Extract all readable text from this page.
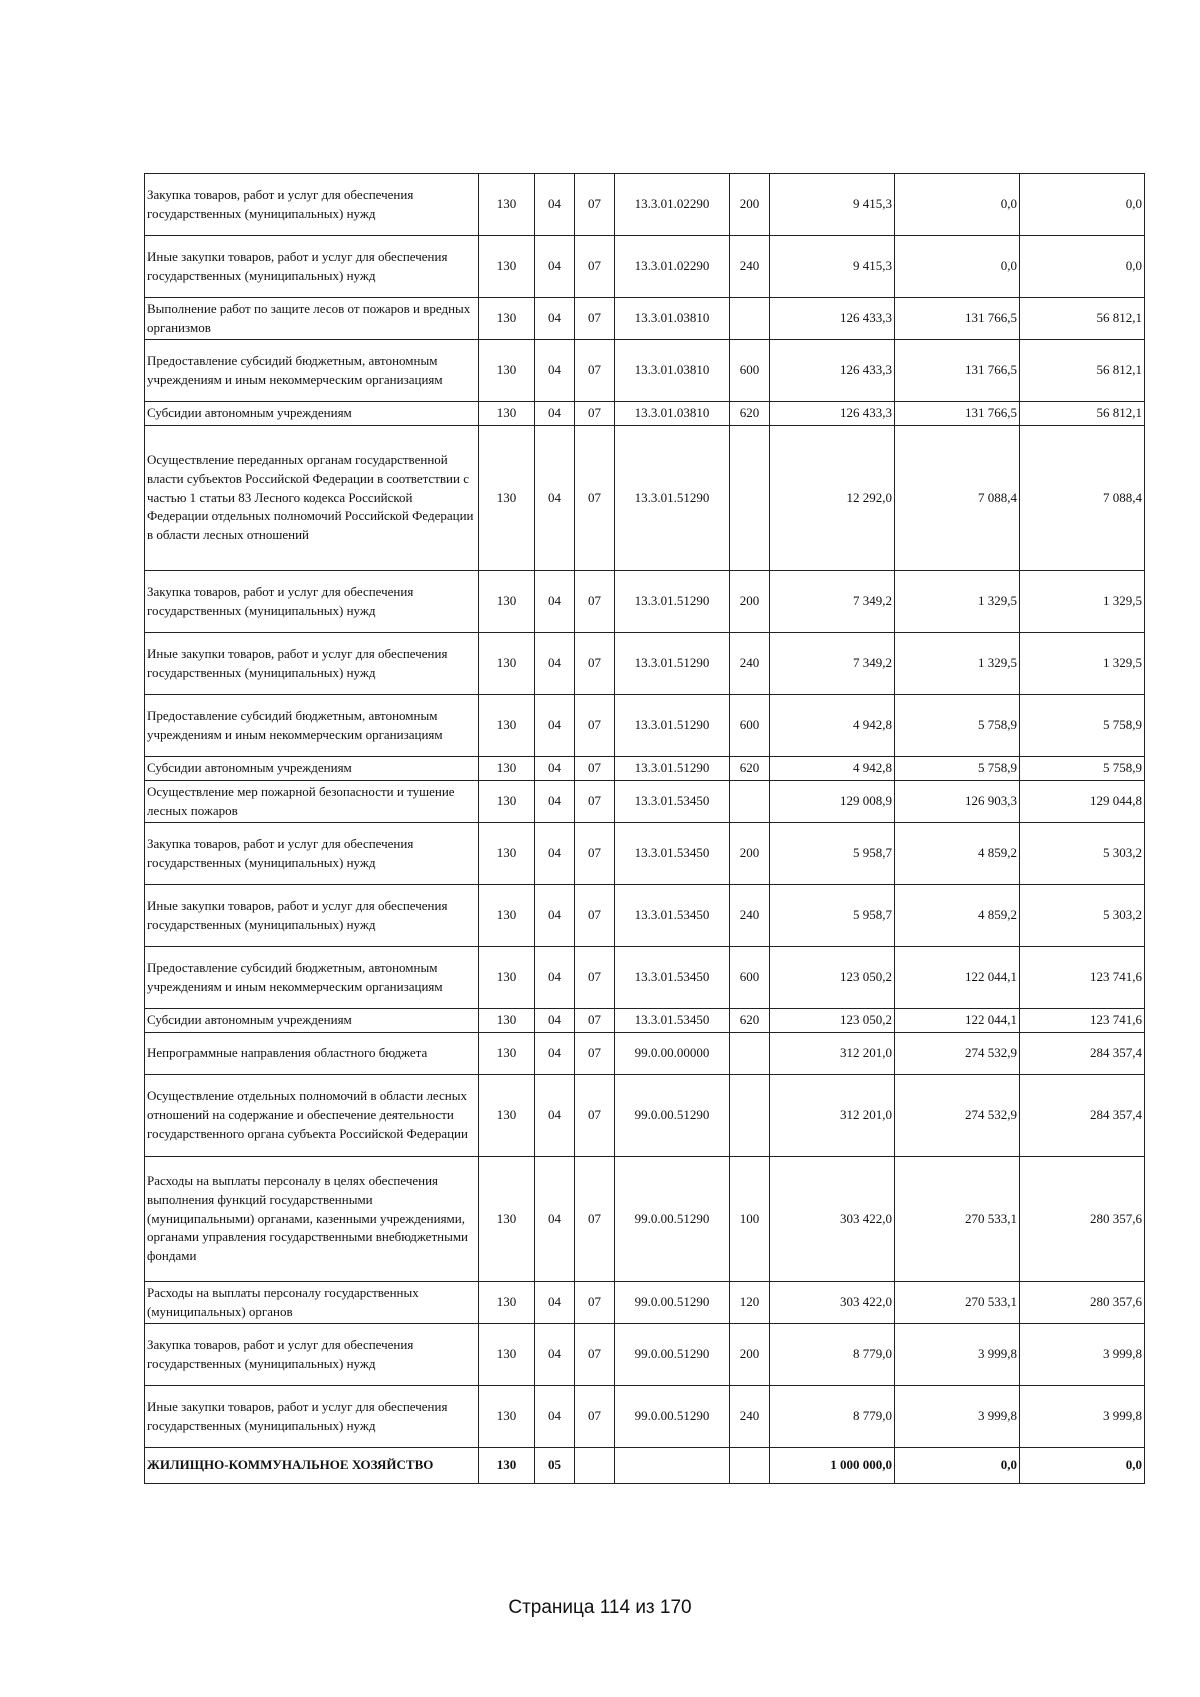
Закупка товаров, работ и услуг для обеспечения государственных (муниципальных) нужд	130	04	07	13.3.01.02290	200	9 415,3	0,0	0,0
Иные закупки товаров, работ и услуг для обеспечения государственных (муниципальных) нужд	130	04	07	13.3.01.02290	240	9 415,3	0,0	0,0
Выполнение работ по защите лесов от пожаров и вредных организмов	130	04	07	13.3.01.03810		126 433,3	131 766,5	56 812,1
Предоставление субсидий бюджетным, автономным учреждениям и иным некоммерческим организациям	130	04	07	13.3.01.03810	600	126 433,3	131 766,5	56 812,1
Субсидии автономным учреждениям	130	04	07	13.3.01.03810	620	126 433,3	131 766,5	56 812,1
Осуществление переданных органам государственной власти субъектов Российской Федерации в соответствии с частью 1 статьи 83 Лесного кодекса Российской Федерации отдельных полномочий Российской Федерации в области лесных отношений	130	04	07	13.3.01.51290		12 292,0	7 088,4	7 088,4
Закупка товаров, работ и услуг для обеспечения государственных (муниципальных) нужд	130	04	07	13.3.01.51290	200	7 349,2	1 329,5	1 329,5
Иные закупки товаров, работ и услуг для обеспечения государственных (муниципальных) нужд	130	04	07	13.3.01.51290	240	7 349,2	1 329,5	1 329,5
Предоставление субсидий бюджетным, автономным учреждениям и иным некоммерческим организациям	130	04	07	13.3.01.51290	600	4 942,8	5 758,9	5 758,9
Субсидии автономным учреждениям	130	04	07	13.3.01.51290	620	4 942,8	5 758,9	5 758,9
Осуществление мер пожарной безопасности и тушение лесных пожаров	130	04	07	13.3.01.53450		129 008,9	126 903,3	129 044,8
Закупка товаров, работ и услуг для обеспечения государственных (муниципальных) нужд	130	04	07	13.3.01.53450	200	5 958,7	4 859,2	5 303,2
Иные закупки товаров, работ и услуг для обеспечения государственных (муниципальных) нужд	130	04	07	13.3.01.53450	240	5 958,7	4 859,2	5 303,2
Предоставление субсидий бюджетным, автономным учреждениям и иным некоммерческим организациям	130	04	07	13.3.01.53450	600	123 050,2	122 044,1	123 741,6
Субсидии автономным учреждениям	130	04	07	13.3.01.53450	620	123 050,2	122 044,1	123 741,6
Непрограммные направления областного бюджета	130	04	07	99.0.00.00000		312 201,0	274 532,9	284 357,4
Осуществление отдельных полномочий в области лесных отношений на содержание и обеспечение деятельности государственного органа субъекта Российской Федерации	130	04	07	99.0.00.51290		312 201,0	274 532,9	284 357,4
Расходы на выплаты персоналу в целях обеспечения выполнения функций государственными (муниципальными) органами, казенными учреждениями, органами управления государственными внебюджетными фондами	130	04	07	99.0.00.51290	100	303 422,0	270 533,1	280 357,6
Расходы на выплаты персоналу государственных (муниципальных) органов	130	04	07	99.0.00.51290	120	303 422,0	270 533,1	280 357,6
Закупка товаров, работ и услуг для обеспечения государственных (муниципальных) нужд	130	04	07	99.0.00.51290	200	8 779,0	3 999,8	3 999,8
Иные закупки товаров, работ и услуг для обеспечения государственных (муниципальных) нужд	130	04	07	99.0.00.51290	240	8 779,0	3 999,8	3 999,8
ЖИЛИЩНО-КОММУНАЛЬНОЕ ХОЗЯЙСТВО	130	05				1 000 000,0	0,0	0,0
Страница 114 из 170
